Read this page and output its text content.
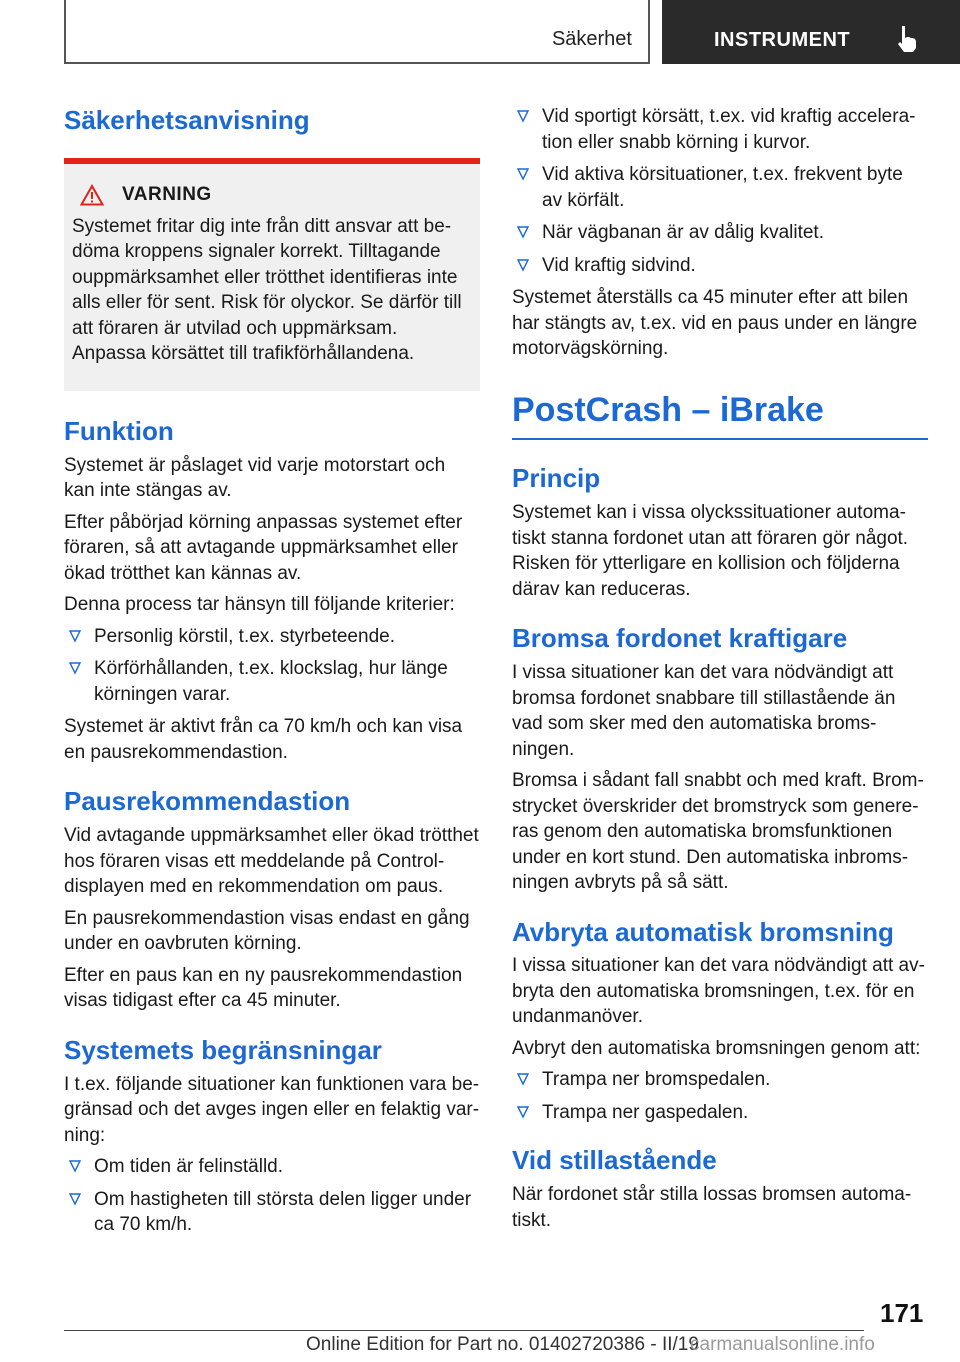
Säkerhet	INSTRUMENT
Säkerhetsanvisning
VARNING

Systemet fritar dig inte från ditt ansvar att bedöma kroppens signaler korrekt. Tilltagande ouppmärksamhet eller trötthet identifieras inte alls eller för sent. Risk för olyckor. Se därför till att föraren är utvilad och uppmärksam. Anpassa körsättet till trafikförhållandena.

Funktion

Systemet är påslaget vid varje motorstart och kan inte stängas av.

Efter påbörjad körning anpassas systemet efter föraren, så att avtagande uppmärksamhet eller ökad trötthet kan kännas av.

Denna process tar hänsyn till följande kriterier:

Personlig körstil, t.ex. styrbeteende.
Körförhållanden, t.ex. klockslag, hur länge körningen varar.

Systemet är aktivt från ca 70 km/h och kan visa en pausrekommendastion.

Pausrekommendastion

Vid avtagande uppmärksamhet eller ökad trötthet hos föraren visas ett meddelande på Control-displayen med en rekommendation om paus.

En pausrekommendastion visas endast en gång under en oavbruten körning.

Efter en paus kan en ny pausrekommendastion visas tidigast efter ca 45 minuter.

Systemets begränsningar

I t.ex. följande situationer kan funktionen vara begränsad och det avges ingen eller en felaktig varning:

Om tiden är felinställd.
Om hastigheten till största delen ligger under ca 70 km/h.
Vid sportigt körsätt, t.ex. vid kraftig acceleration eller snabb körning i kurvor.
Vid aktiva körsituationer, t.ex. frekvent byte av körfält.
När vägbanan är av dålig kvalitet.
Vid kraftig sidvind.

Systemet återställs ca 45 minuter efter att bilen har stängts av, t.ex. vid en paus under en längre motorvägskörning.

PostCrash – iBrake
Princip

Systemet kan i vissa olyckssituationer automatiskt stanna fordonet utan att föraren gör något. Risken för ytterligare en kollision och följderna därav kan reduceras.

Bromsa fordonet kraftigare

I vissa situationer kan det vara nödvändigt att bromsa fordonet snabbare till stillastående än vad som sker med den automatiska bromsningen.

Bromsa i sådant fall snabbt och med kraft. Bromstrycket överskrider det bromstryck som genereras genom den automatiska bromsfunktionen under en kort stund. Den automatiska inbromsningen avbryts på så sätt.

Avbryta automatisk bromsning

I vissa situationer kan det vara nödvändigt att avbryta den automatiska bromsningen, t.ex. för en undanmanöver.

Avbryt den automatiska bromsningen genom att:

Trampa ner bromspedalen.
Trampa ner gaspedalen.
Vid stillastående

När fordonet står stilla lossas bromsen automatiskt.

171
Online Edition for Part no. 01402720386 - II/19
carmanualsonline.info
